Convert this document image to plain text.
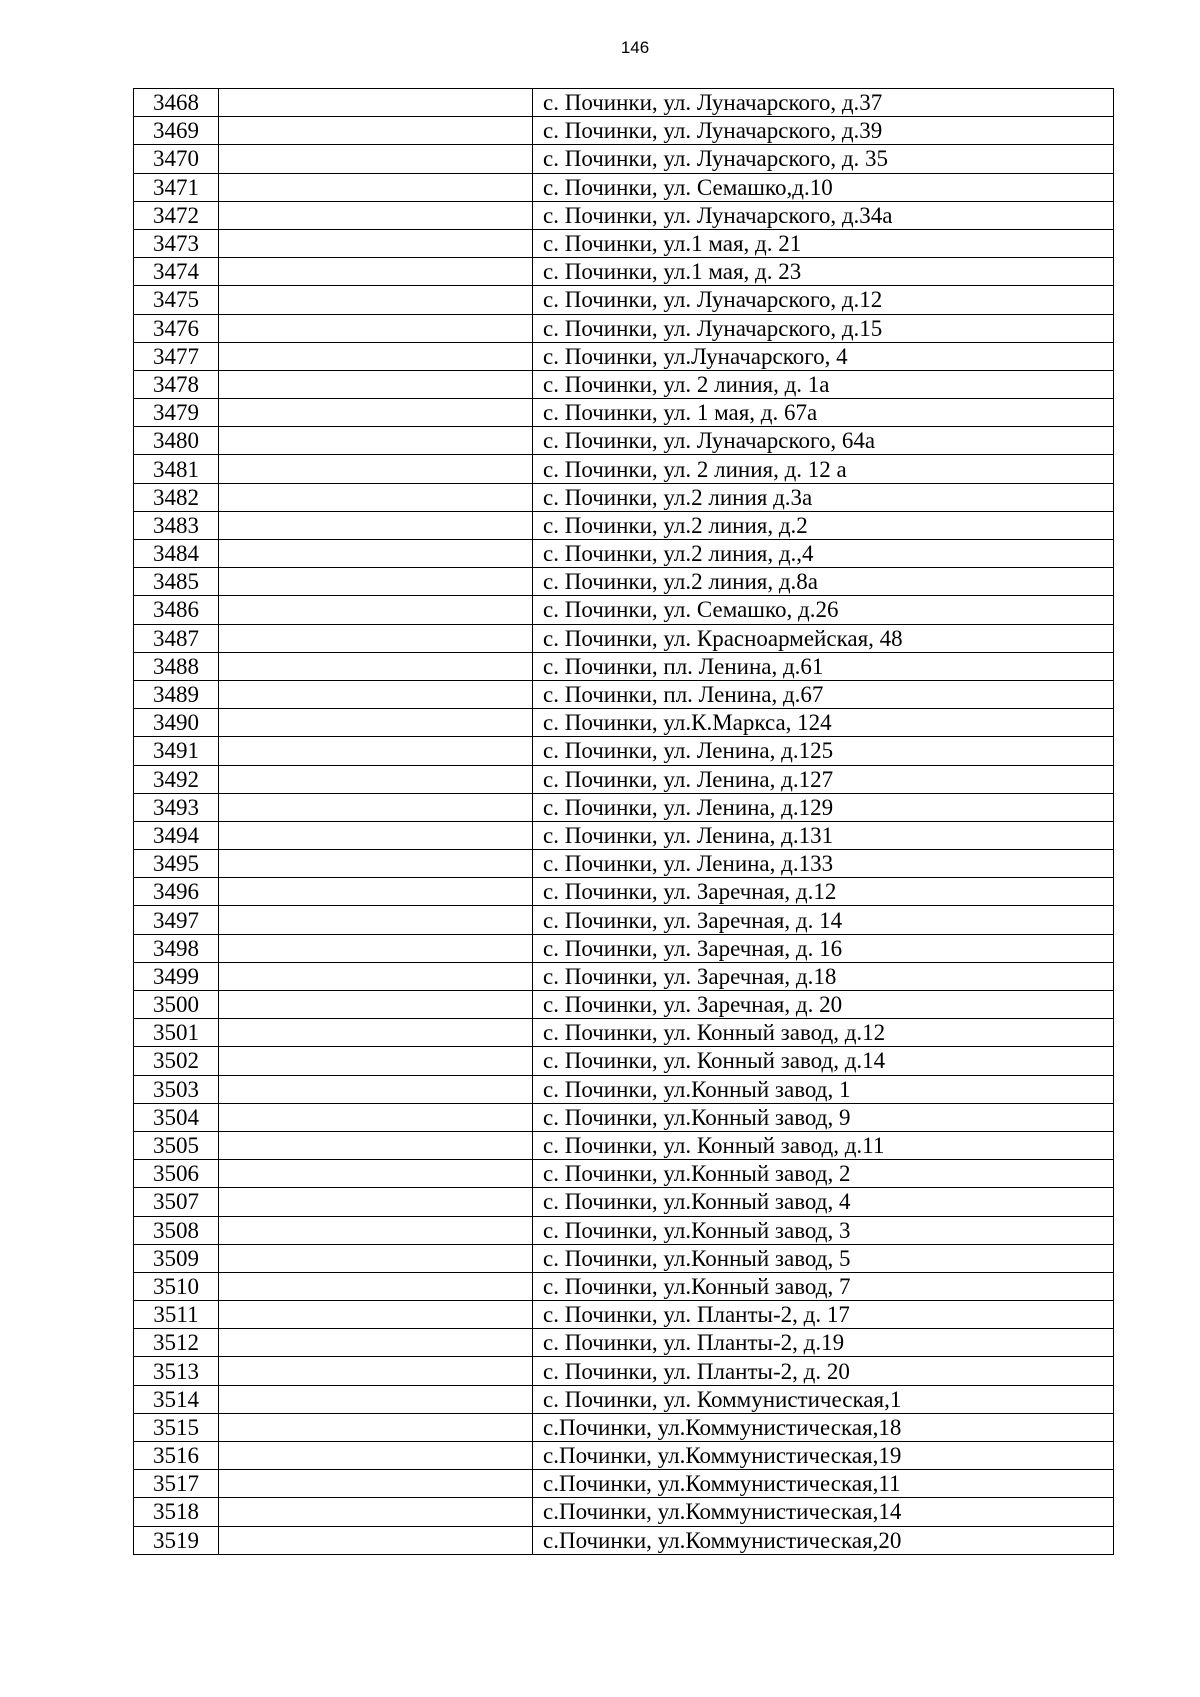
146
3468		с. Починки, ул. Луначарского, д.37
3469		с. Починки, ул. Луначарского, д.39
3470		с. Починки, ул. Луначарского, д. 35
3471		с. Починки, ул. Семашко,д.10
3472		с. Починки, ул. Луначарского, д.34а
3473		с. Починки, ул.1 мая, д. 21
3474		с. Починки, ул.1 мая, д. 23
3475		с. Починки, ул. Луначарского, д.12
3476		с. Починки, ул. Луначарского, д.15
3477		с. Починки, ул.Луначарского, 4
3478		с. Починки, ул. 2 линия, д. 1а
3479		с. Починки, ул. 1 мая, д. 67а
3480		с. Починки, ул. Луначарского, 64а
3481		с. Починки, ул. 2 линия, д. 12 а
3482		с. Починки, ул.2 линия д.3а
3483		с. Починки, ул.2 линия, д.2
3484		с. Починки, ул.2 линия, д.,4
3485		с. Починки, ул.2 линия, д.8а
3486		с. Починки, ул. Семашко, д.26
3487		с. Починки, ул. Красноармейская, 48
3488		с. Починки, пл. Ленина, д.61
3489		с. Починки, пл. Ленина, д.67
3490		с. Починки, ул.К.Маркса, 124
3491		с. Починки, ул. Ленина, д.125
3492		с. Починки, ул. Ленина, д.127
3493		с. Починки, ул. Ленина, д.129
3494		с. Починки, ул. Ленина, д.131
3495		с. Починки, ул. Ленина, д.133
3496		с. Починки, ул. Заречная, д.12
3497		с. Починки, ул. Заречная, д. 14
3498		с. Починки, ул. Заречная, д. 16
3499		с. Починки, ул. Заречная, д.18
3500		с. Починки, ул. Заречная, д. 20
3501		с. Починки, ул. Конный завод, д.12
3502		с. Починки, ул. Конный завод, д.14
3503		с. Починки, ул.Конный завод, 1
3504		с. Починки, ул.Конный завод, 9
3505		с. Починки, ул. Конный завод, д.11
3506		с. Починки, ул.Конный завод, 2
3507		с. Починки, ул.Конный завод, 4
3508		с. Починки, ул.Конный завод, 3
3509		с. Починки, ул.Конный завод, 5
3510		с. Починки, ул.Конный завод, 7
3511		с. Починки, ул. Планты-2, д. 17
3512		с. Починки, ул. Планты-2, д.19
3513		с. Починки, ул. Планты-2, д. 20
3514		с. Починки, ул. Коммунистическая,1
3515		с.Починки, ул.Коммунистическая,18
3516		с.Починки, ул.Коммунистическая,19
3517		с.Починки, ул.Коммунистическая,11
3518		с.Починки, ул.Коммунистическая,14
3519		с.Починки, ул.Коммунистическая,20
